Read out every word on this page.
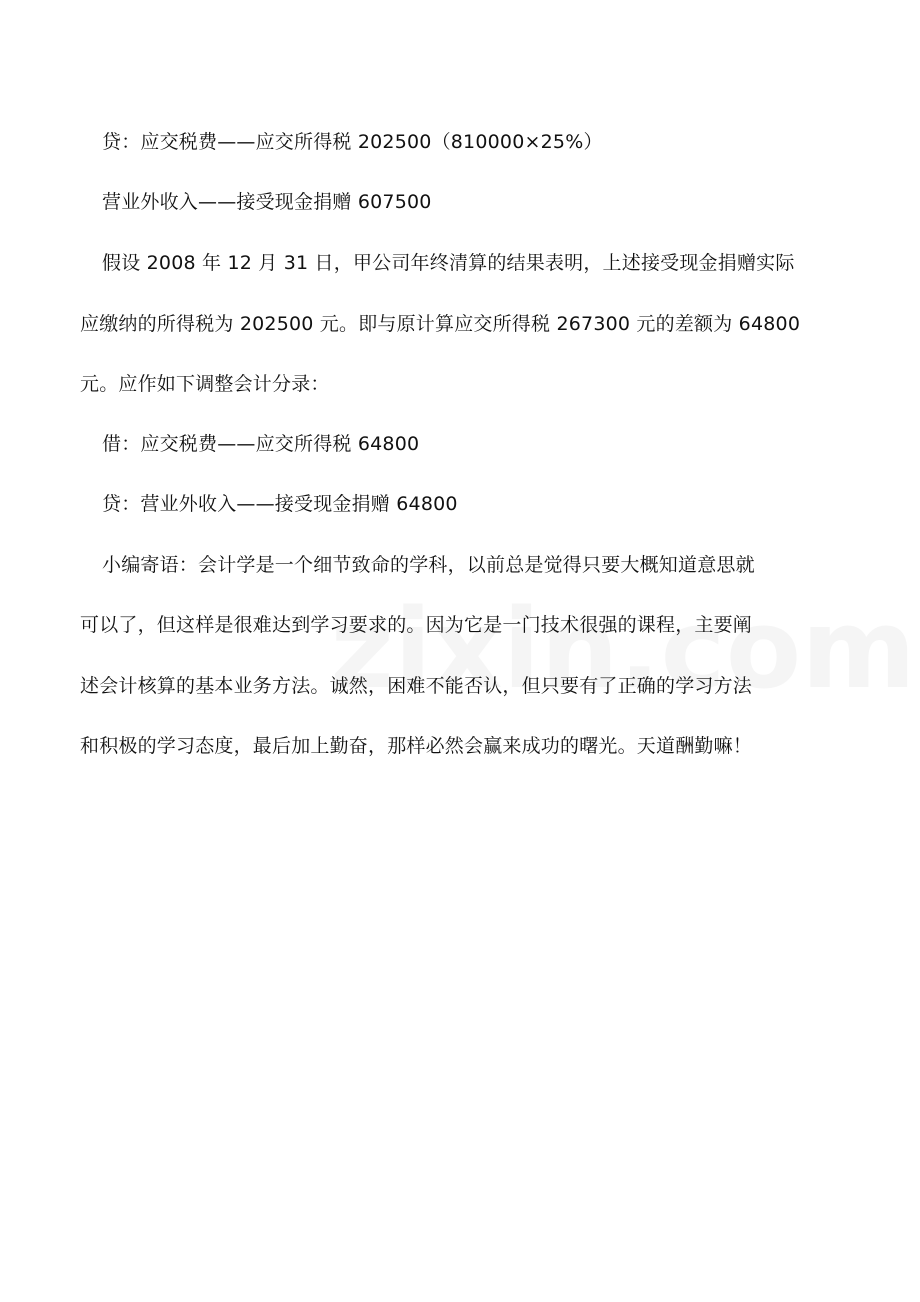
贷：应交税费——应交所得税 202500（810000×25%）
营业外收入——接受现金捐赠 607500
假设 2008 年 12 月 31 日，甲公司年终清算的结果表明，上述接受现金捐赠实际
应缴纳的所得税为 202500 元。即与原计算应交所得税 267300 元的差额为 64800
元。应作如下调整会计分录：
借：应交税费——应交所得税 64800
贷：营业外收入——接受现金捐赠 64800
小编寄语：会计学是一个细节致命的学科，以前总是觉得只要大概知道意思就
可以了，但这样是很难达到学习要求的。因为它是一门技术很强的课程，主要阐
述会计核算的基本业务方法。诚然，困难不能否认，但只要有了正确的学习方法
和积极的学习态度，最后加上勤奋，那样必然会赢来成功的曙光。天道酬勤嘛！
